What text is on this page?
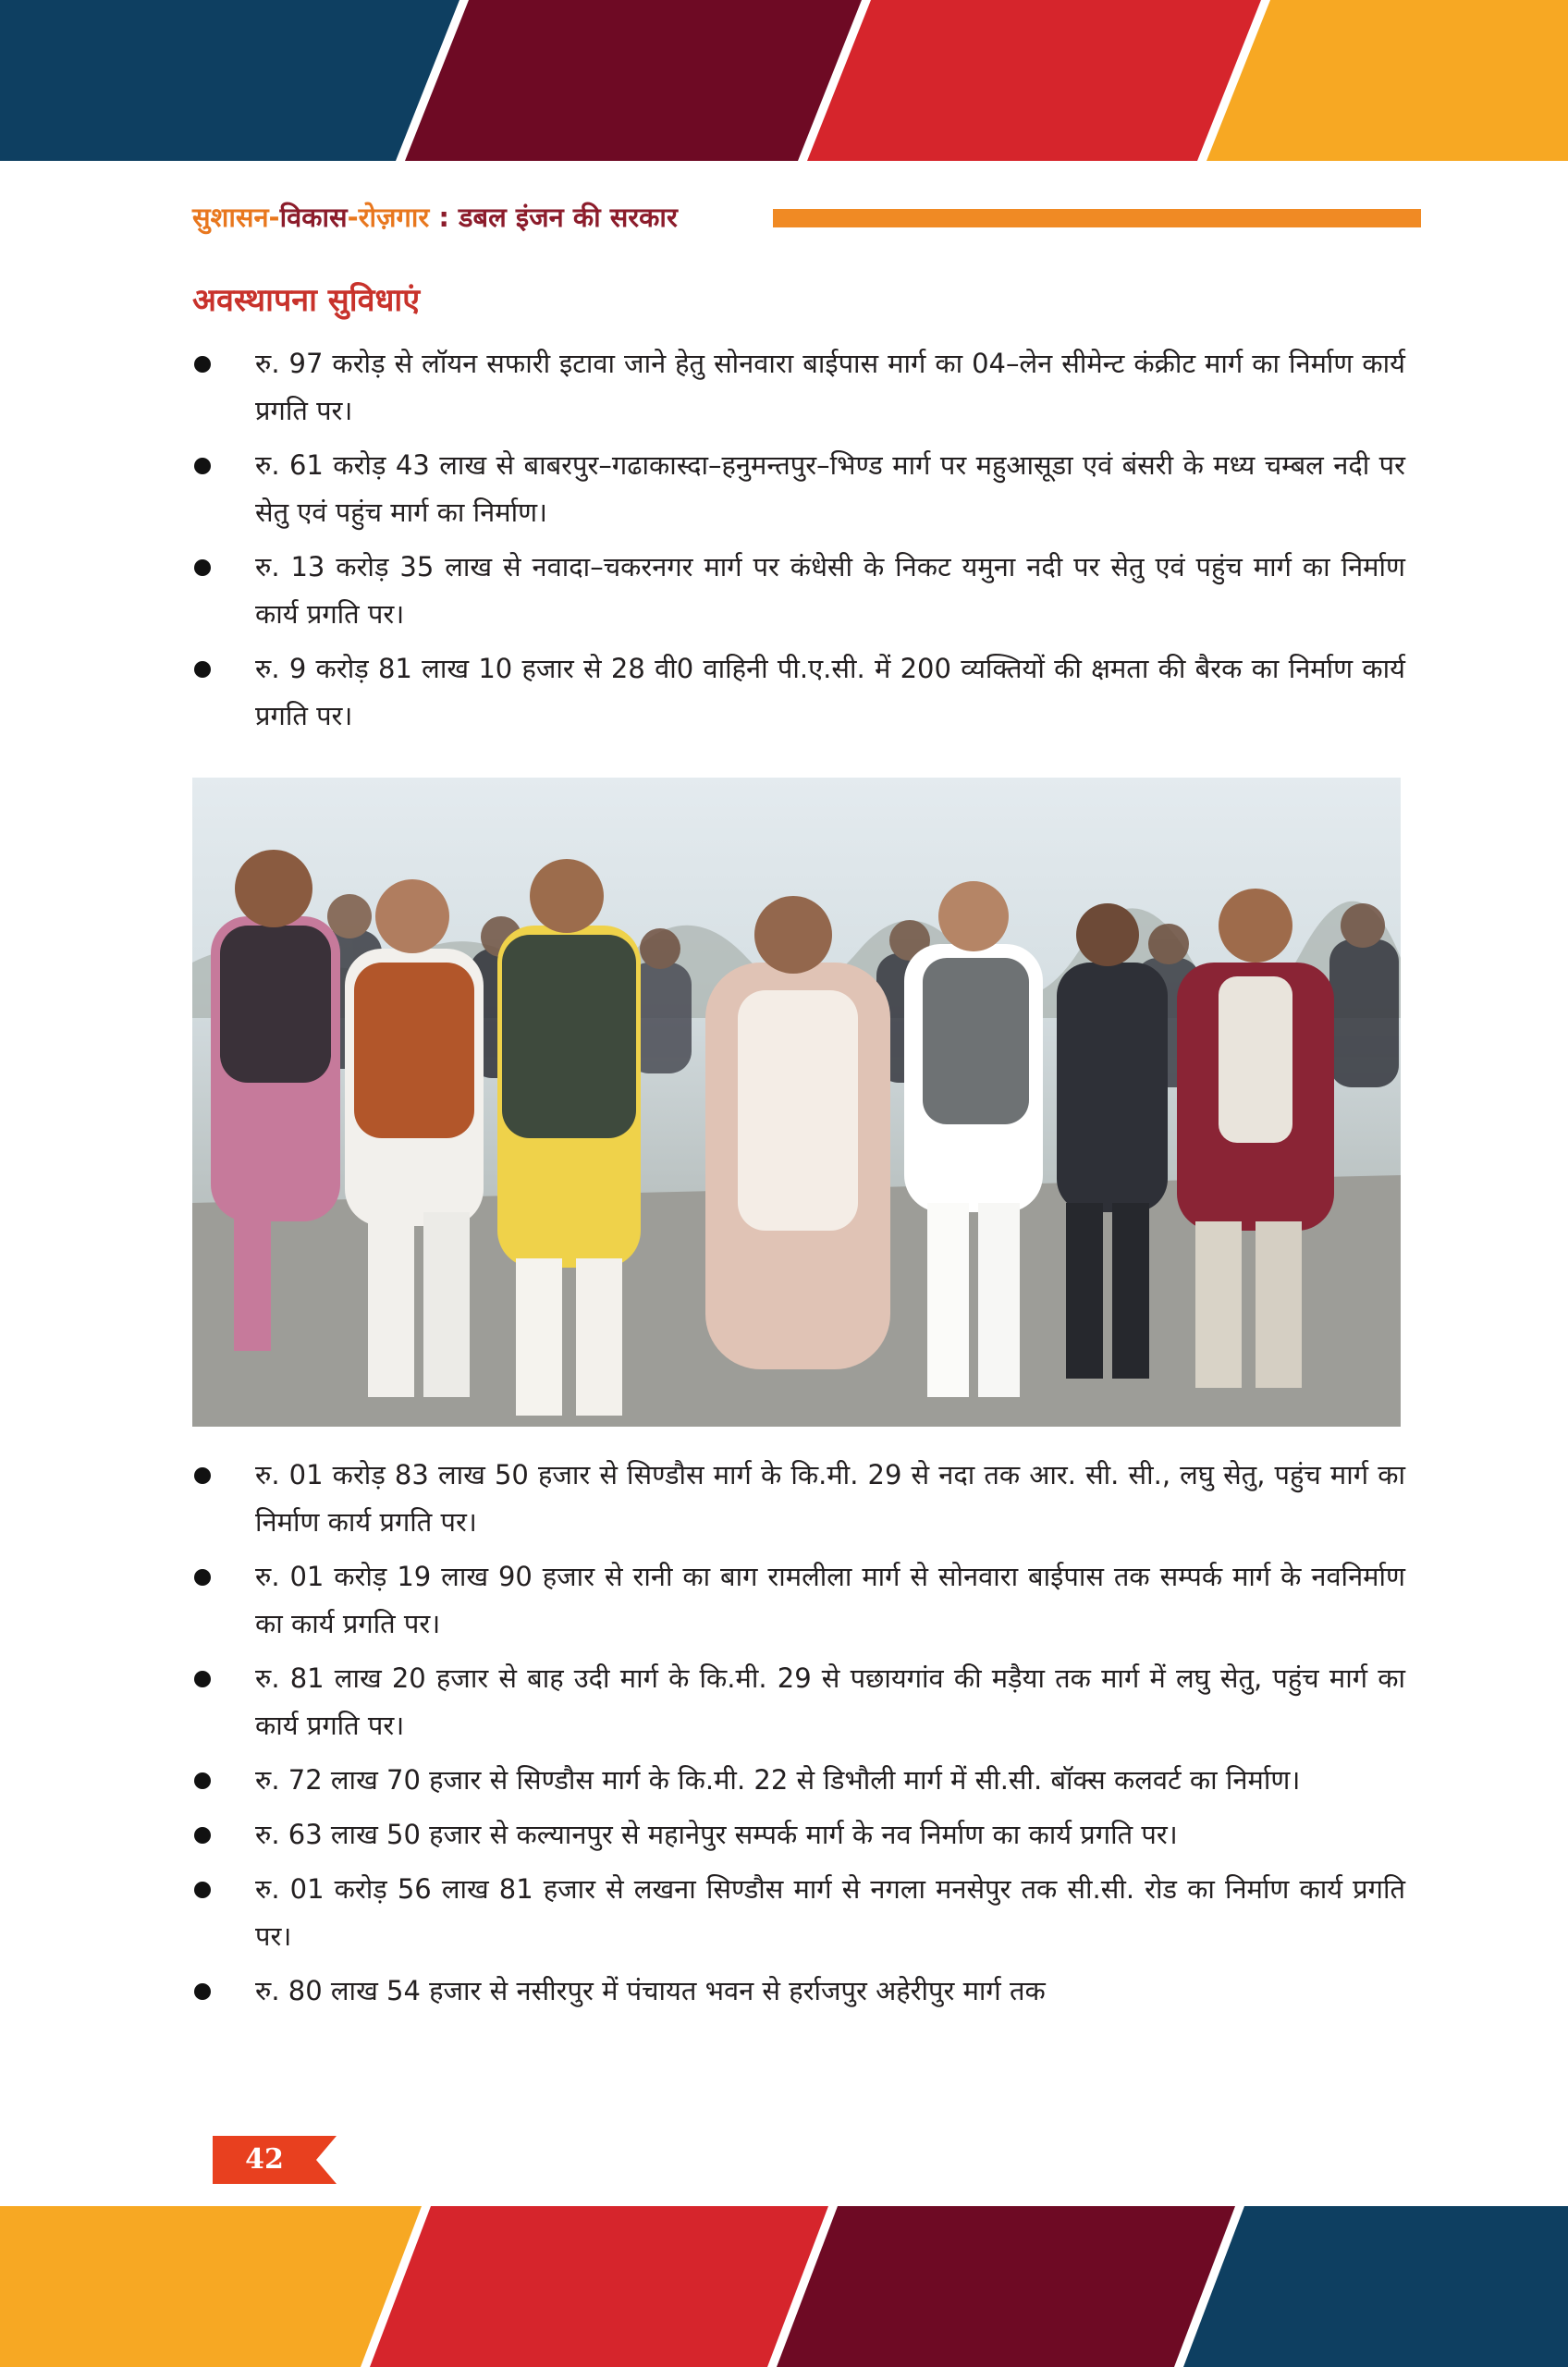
सुशासन-विकास-रोज़गार : डबल इंजन की सरकार
अवस्थापना सुविधाएं
रु. 97 करोड़ से लॉयन सफारी इटावा जाने हेतु सोनवारा बाईपास मार्ग का 04–लेन सीमेन्ट कंक्रीट मार्ग का निर्माण कार्य प्रगति पर।
रु. 61 करोड़ 43 लाख से बाबरपुर–गढाकास्दा–हनुमन्तपुर–भिण्ड मार्ग पर महुआसूडा एवं बंसरी के मध्य चम्बल नदी पर सेतु एवं पहुंच मार्ग का निर्माण।
रु. 13 करोड़ 35 लाख से नवादा–चकरनगर मार्ग पर कंधेसी के निकट यमुना नदी पर सेतु एवं पहुंच मार्ग का निर्माण कार्य प्रगति पर।
रु. 9 करोड़ 81 लाख 10 हजार से 28 वी0 वाहिनी पी.ए.सी. में 200 व्यक्तियों की क्षमता की बैरक का निर्माण कार्य प्रगति पर।
रु. 01 करोड़ 83 लाख 50 हजार से सिण्डौस मार्ग के कि.मी. 29 से नदा तक आर. सी. सी., लघु सेतु, पहुंच मार्ग का निर्माण कार्य प्रगति पर।
रु. 01 करोड़ 19 लाख 90 हजार से रानी का बाग रामलीला मार्ग से सोनवारा बाईपास तक सम्पर्क मार्ग के नवनिर्माण का कार्य प्रगति पर।
रु. 81 लाख 20 हजार से बाह उदी मार्ग के कि.मी. 29 से पछायगांव की मड़ैया तक मार्ग में लघु सेतु, पहुंच मार्ग का कार्य प्रगति पर।
रु. 72 लाख 70 हजार से सिण्डौस मार्ग के कि.मी. 22 से डिभौली मार्ग में सी.सी. बॉक्स कलवर्ट का निर्माण।
रु. 63 लाख 50 हजार से कल्यानपुर से महानेपुर सम्पर्क मार्ग के नव निर्माण का कार्य प्रगति पर।
रु. 01 करोड़ 56 लाख 81 हजार से लखना सिण्डौस मार्ग से नगला मनसेपुर तक सी.सी. रोड का निर्माण कार्य प्रगति पर।
रु. 80 लाख 54 हजार से नसीरपुर में पंचायत भवन से हर्राजपुर अहेरीपुर मार्ग तक
42
